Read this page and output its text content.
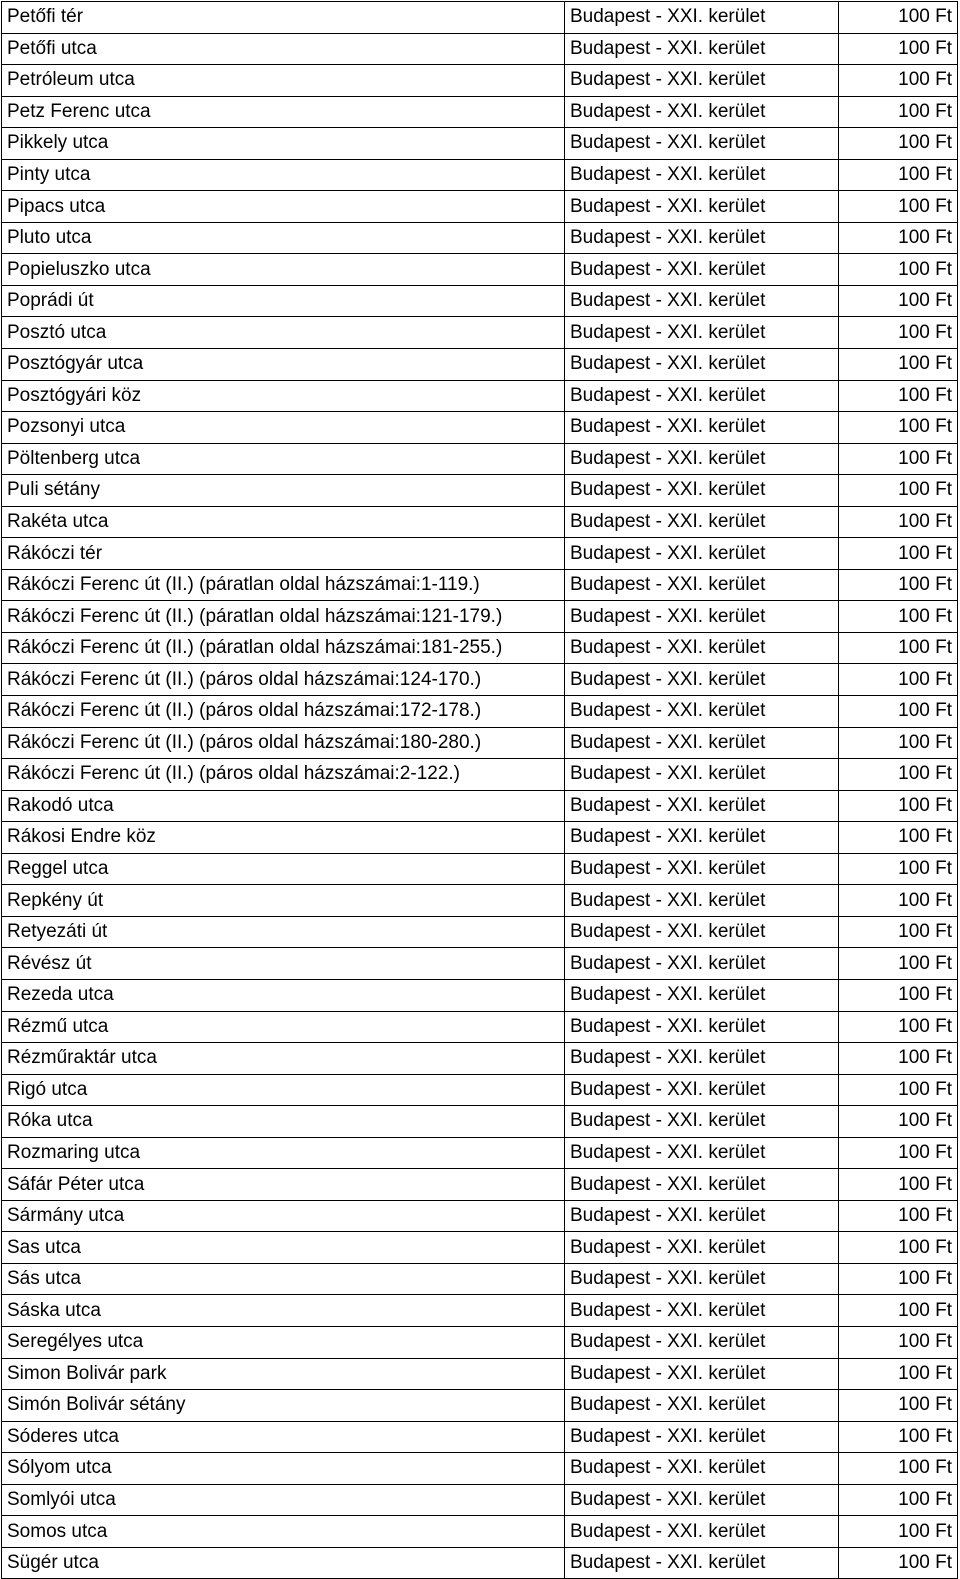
Petőfi tér	Budapest - XXI. kerület	100 Ft
Petőfi utca	Budapest - XXI. kerület	100 Ft
Petróleum utca	Budapest - XXI. kerület	100 Ft
Petz Ferenc utca	Budapest - XXI. kerület	100 Ft
Pikkely utca	Budapest - XXI. kerület	100 Ft
Pinty utca	Budapest - XXI. kerület	100 Ft
Pipacs utca	Budapest - XXI. kerület	100 Ft
Pluto utca	Budapest - XXI. kerület	100 Ft
Popieluszko utca	Budapest - XXI. kerület	100 Ft
Poprádi út	Budapest - XXI. kerület	100 Ft
Posztó utca	Budapest - XXI. kerület	100 Ft
Posztógyár utca	Budapest - XXI. kerület	100 Ft
Posztógyári köz	Budapest - XXI. kerület	100 Ft
Pozsonyi utca	Budapest - XXI. kerület	100 Ft
Pöltenberg utca	Budapest - XXI. kerület	100 Ft
Puli sétány	Budapest - XXI. kerület	100 Ft
Rakéta utca	Budapest - XXI. kerület	100 Ft
Rákóczi tér	Budapest - XXI. kerület	100 Ft
Rákóczi Ferenc út (II.) (páratlan oldal házszámai:1-119.)	Budapest - XXI. kerület	100 Ft
Rákóczi Ferenc út (II.) (páratlan oldal házszámai:121-179.)	Budapest - XXI. kerület	100 Ft
Rákóczi Ferenc út (II.) (páratlan oldal házszámai:181-255.)	Budapest - XXI. kerület	100 Ft
Rákóczi Ferenc út (II.) (páros oldal házszámai:124-170.)	Budapest - XXI. kerület	100 Ft
Rákóczi Ferenc út (II.) (páros oldal házszámai:172-178.)	Budapest - XXI. kerület	100 Ft
Rákóczi Ferenc út (II.) (páros oldal házszámai:180-280.)	Budapest - XXI. kerület	100 Ft
Rákóczi Ferenc út (II.) (páros oldal házszámai:2-122.)	Budapest - XXI. kerület	100 Ft
Rakodó utca	Budapest - XXI. kerület	100 Ft
Rákosi Endre köz	Budapest - XXI. kerület	100 Ft
Reggel utca	Budapest - XXI. kerület	100 Ft
Repkény út	Budapest - XXI. kerület	100 Ft
Retyezáti út	Budapest - XXI. kerület	100 Ft
Révész út	Budapest - XXI. kerület	100 Ft
Rezeda utca	Budapest - XXI. kerület	100 Ft
Rézmű utca	Budapest - XXI. kerület	100 Ft
Rézműraktár utca	Budapest - XXI. kerület	100 Ft
Rigó utca	Budapest - XXI. kerület	100 Ft
Róka utca	Budapest - XXI. kerület	100 Ft
Rozmaring utca	Budapest - XXI. kerület	100 Ft
Sáfár Péter utca	Budapest - XXI. kerület	100 Ft
Sármány utca	Budapest - XXI. kerület	100 Ft
Sas utca	Budapest - XXI. kerület	100 Ft
Sás utca	Budapest - XXI. kerület	100 Ft
Sáska utca	Budapest - XXI. kerület	100 Ft
Seregélyes utca	Budapest - XXI. kerület	100 Ft
Simon Bolivár park	Budapest - XXI. kerület	100 Ft
Simón Bolivár sétány	Budapest - XXI. kerület	100 Ft
Sóderes utca	Budapest - XXI. kerület	100 Ft
Sólyom utca	Budapest - XXI. kerület	100 Ft
Somlyói utca	Budapest - XXI. kerület	100 Ft
Somos utca	Budapest - XXI. kerület	100 Ft
Sügér utca	Budapest - XXI. kerület	100 Ft
